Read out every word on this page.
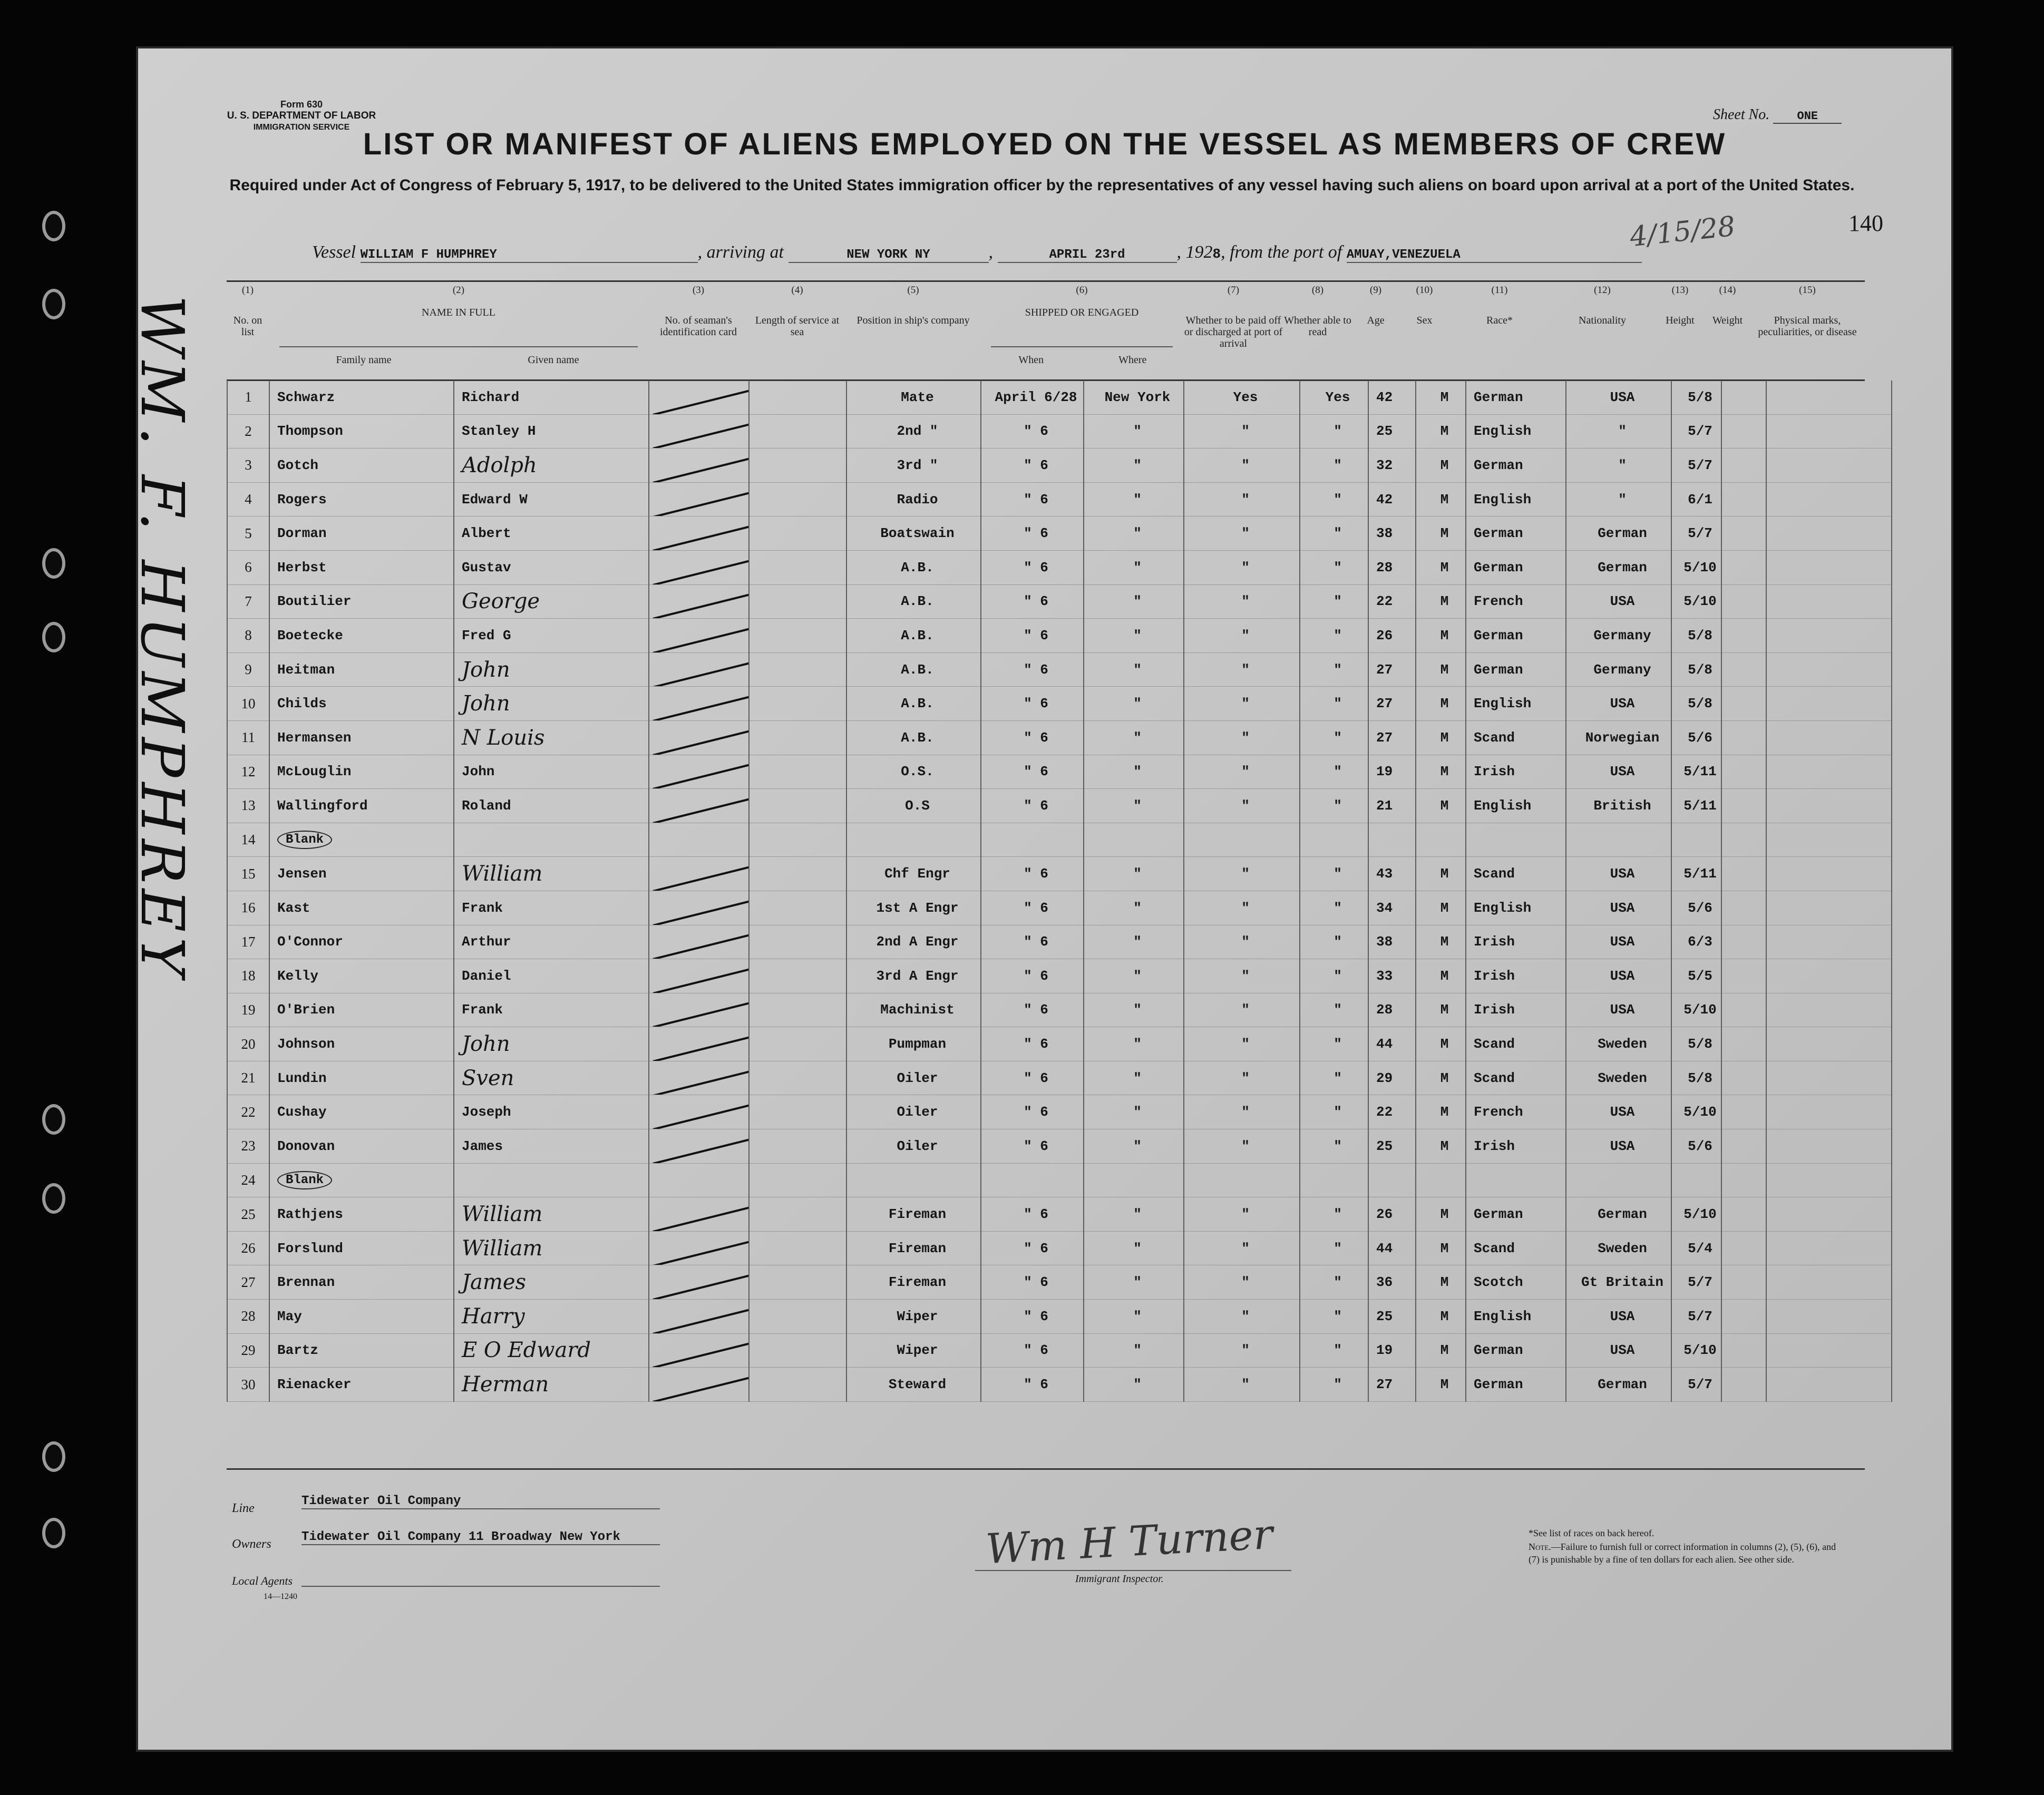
Form 630
U. S. DEPARTMENT OF LABOR
IMMIGRATION SERVICE
Sheet No. ONE
LIST OR MANIFEST OF ALIENS EMPLOYED ON THE VESSEL AS MEMBERS OF CREW
Required under Act of Congress of February 5, 1917, to be delivered to the United States immigration officer by the representatives of any vessel having such aliens on board upon arrival at a port of the United States.
140
4/15/28
Vessel WILLIAM F HUMPHREY	, arriving at	NEW YORK NY	,	APRIL 23rd	, 1928, from the port of AMUAY,VENEZUELA
1	Schwarz	Richard			Mate	April 6/28	New York	Yes	Yes	42	M	German	USA	5/8		
2	Thompson	Stanley H			2nd "	" 6	"	"	"	25	M	English	"	5/7		
3	Gotch	Adolph			3rd "	" 6	"	"	"	32	M	German	"	5/7		
4	Rogers	Edward W			Radio	" 6	"	"	"	42	M	English	"	6/1		
5	Dorman	Albert			Boatswain	" 6	"	"	"	38	M	German	German	5/7		
6	Herbst	Gustav			A.B.	" 6	"	"	"	28	M	German	German	5/10		
7	Boutilier	George			A.B.	" 6	"	"	"	22	M	French	USA	5/10		
8	Boetecke	Fred G			A.B.	" 6	"	"	"	26	M	German	Germany	5/8		
9	Heitman	John			A.B.	" 6	"	"	"	27	M	German	Germany	5/8		
10	Childs	John			A.B.	" 6	"	"	"	27	M	English	USA	5/8		
11	Hermansen	N Louis			A.B.	" 6	"	"	"	27	M	Scand	Norwegian	5/6		
12	McLouglin	John			O.S.	" 6	"	"	"	19	M	Irish	USA	5/11		
13	Wallingford	Roland			O.S	" 6	"	"	"	21	M	English	British	5/11		
14	Blank															
15	Jensen	William			Chf Engr	" 6	"	"	"	43	M	Scand	USA	5/11		
16	Kast	Frank			1st A Engr	" 6	"	"	"	34	M	English	USA	5/6		
17	O'Connor	Arthur			2nd A Engr	" 6	"	"	"	38	M	Irish	USA	6/3		
18	Kelly	Daniel			3rd A Engr	" 6	"	"	"	33	M	Irish	USA	5/5		
19	O'Brien	Frank			Machinist	" 6	"	"	"	28	M	Irish	USA	5/10		
20	Johnson	John			Pumpman	" 6	"	"	"	44	M	Scand	Sweden	5/8		
21	Lundin	Sven			Oiler	" 6	"	"	"	29	M	Scand	Sweden	5/8		
22	Cushay	Joseph			Oiler	" 6	"	"	"	22	M	French	USA	5/10		
23	Donovan	James			Oiler	" 6	"	"	"	25	M	Irish	USA	5/6		
24	Blank															
25	Rathjens	William			Fireman	" 6	"	"	"	26	M	German	German	5/10		
26	Forslund	William			Fireman	" 6	"	"	"	44	M	Scand	Sweden	5/4		
27	Brennan	James			Fireman	" 6	"	"	"	36	M	Scotch	Gt Britain	5/7		
28	May	Harry			Wiper	" 6	"	"	"	25	M	English	USA	5/7		
29	Bartz	E O Edward			Wiper	" 6	"	"	"	19	M	German	USA	5/10		
30	Rienacker	Herman			Steward	" 6	"	"	"	27	M	German	German	5/7		
Line	Tidewater Oil Company
Owners Tidewater Oil Company 11 Broadway New York
Local Agents
14—1240
Wm H Turner
Immigrant Inspector.
*See list of races on back hereof.
Note.—Failure to furnish full or correct information in columns (2), (5), (6), and (7) is punishable by a fine of ten dollars for each alien. See other side.
(1)
No. on list
(2)
NAME IN FULL
Family name	Given name
(3)
No. of seaman's identification card
(4)
Length of service at sea
(5)
Position in ship's company
(6)
SHIPPED OR ENGAGED
When	Where
(7)
Whether to be paid off or discharged at port of arrival
(8)
Whether able to read
(9)
Age
(10)
Sex
(11)
Race*
(12)
Nationality
(13)
Height
(14)
Weight
(15)
Physical marks, peculiarities, or disease
WM. F. HUMPHREY
